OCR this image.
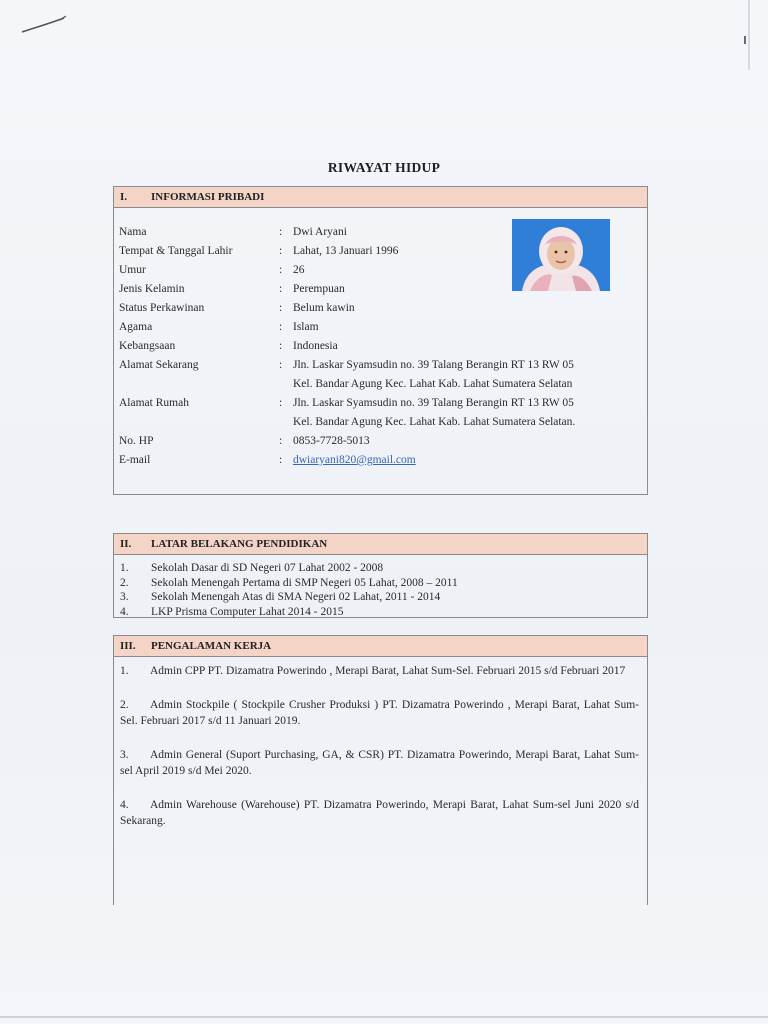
RIWAYAT HIDUP
I. INFORMASI PRIBADI
Nama	: Dwi Aryani
Tempat & Tanggal Lahir	: Lahat, 13 Januari 1996
Umur	: 26
Jenis Kelamin	: Perempuan
Status Perkawinan	: Belum kawin
Agama	: Islam
Kebangsaan	: Indonesia
Alamat Sekarang	: Jln. Laskar Syamsudin no. 39 Talang Berangin RT 13 RW 05
Kel. Bandar Agung Kec. Lahat Kab. Lahat Sumatera Selatan
Alamat Rumah	: Jln. Laskar Syamsudin no. 39 Talang Berangin RT 13 RW 05
Kel. Bandar Agung Kec. Lahat Kab. Lahat Sumatera Selatan.
No. HP	: 0853-7728-5013
E-mail	: dwiaryani820@gmail.com
II. LATAR BELAKANG PENDIDIKAN
1.	Sekolah Dasar di SD Negeri 07 Lahat 2002 - 2008
2.	Sekolah Menengah Pertama di SMP Negeri 05 Lahat, 2008 – 2011
3.	Sekolah Menengah Atas di SMA Negeri 02 Lahat, 2011 - 2014
4.	LKP Prisma Computer Lahat 2014 - 2015
III. PENGALAMAN KERJA
1. Admin CPP PT. Dizamatra Powerindo , Merapi Barat, Lahat Sum-Sel. Februari 2015 s/d Februari 2017
2. Admin Stockpile ( Stockpile Crusher Produksi ) PT. Dizamatra Powerindo , Merapi Barat, Lahat Sum-Sel. Februari 2017 s/d 11 Januari 2019.
3. Admin General (Suport Purchasing, GA, & CSR) PT. Dizamatra Powerindo, Merapi Barat, Lahat Sum-sel April 2019 s/d Mei 2020.
4. Admin Warehouse (Warehouse) PT. Dizamatra Powerindo, Merapi Barat, Lahat Sum-sel Juni 2020 s/d Sekarang.
